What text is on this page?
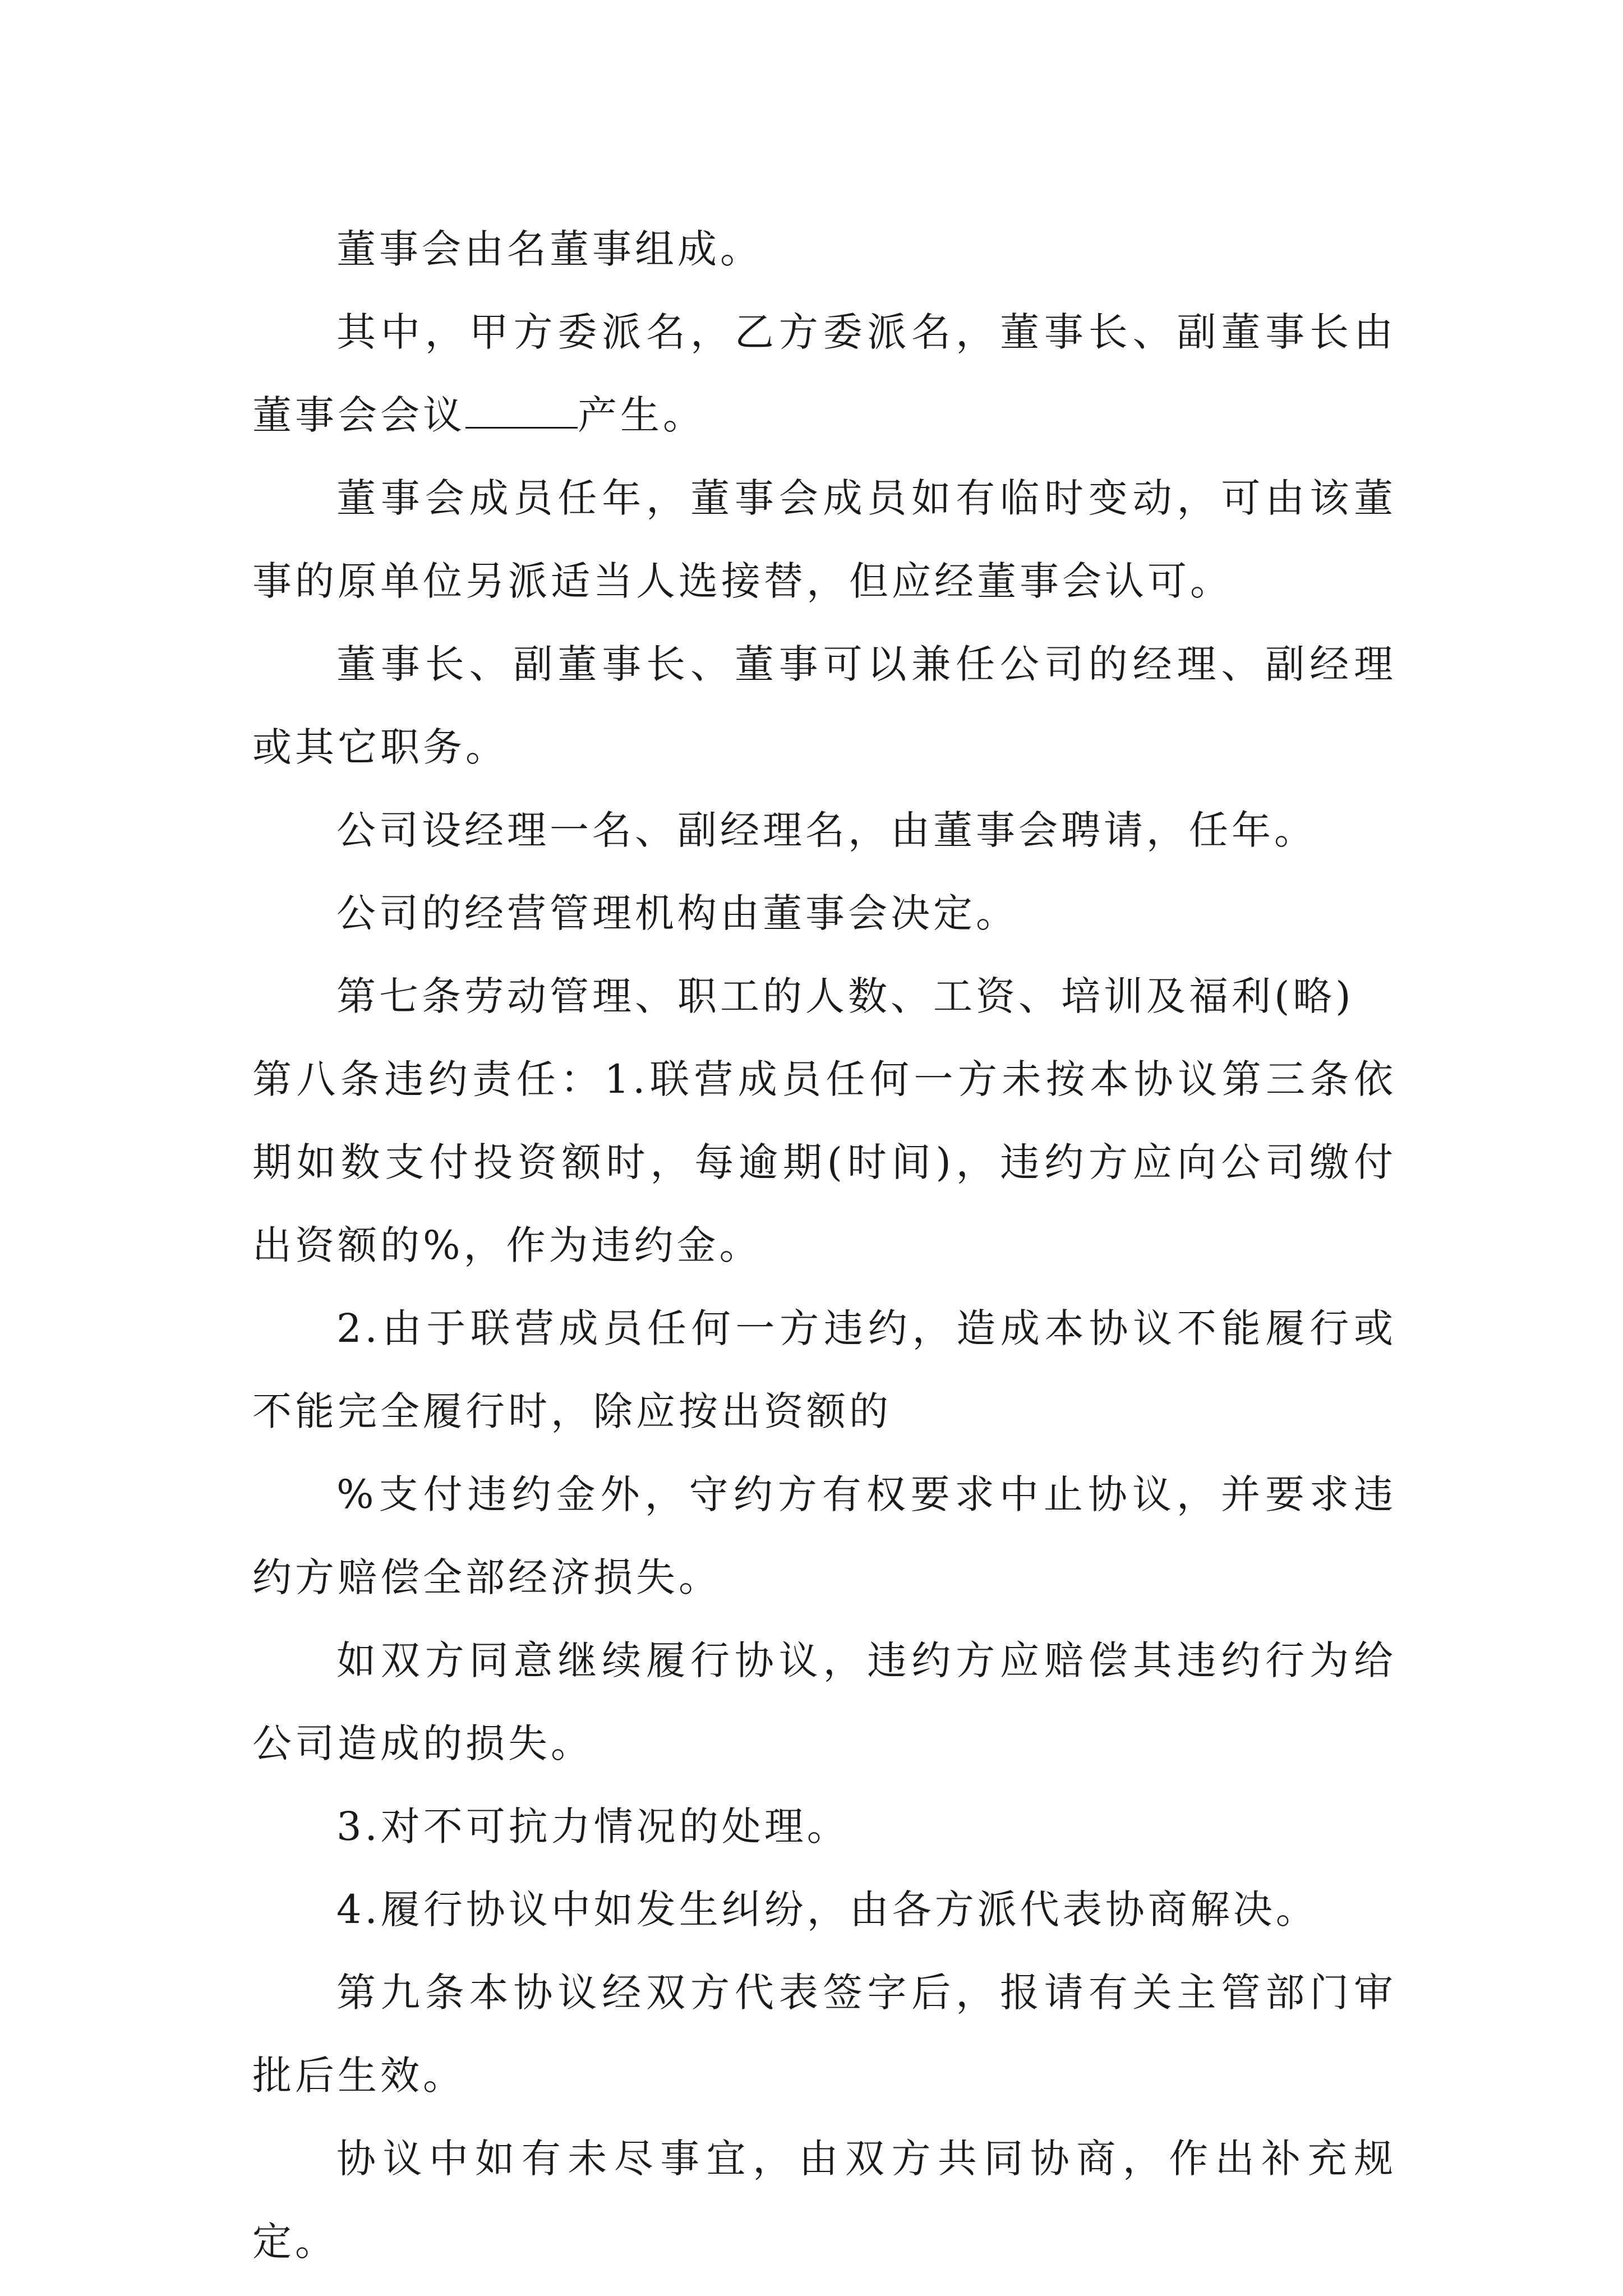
董事会由名董事组成。

其中，甲方委派名，乙方委派名，董事长、副董事长由董事会会议	产生。

董事会成员任年，董事会成员如有临时变动，可由该董事的原单位另派适当人选接替，但应经董事会认可。

董事长、副董事长、董事可以兼任公司的经理、副经理或其它职务。

公司设经理一名、副经理名，由董事会聘请，任年。

公司的经营管理机构由董事会决定。

第七条劳动管理、职工的人数、工资、培训及福利(略)

第八条违约责任：1.联营成员任何一方未按本协议第三条依期如数支付投资额时，每逾期(时间)，违约方应向公司缴付出资额的%，作为违约金。

2.由于联营成员任何一方违约，造成本协议不能履行或不能完全履行时，除应按出资额的

%支付违约金外，守约方有权要求中止协议，并要求违约方赔偿全部经济损失。

如双方同意继续履行协议，违约方应赔偿其违约行为给公司造成的损失。

3.对不可抗力情况的处理。

4.履行协议中如发生纠纷，由各方派代表协商解决。

第九条本协议经双方代表签字后，报请有关主管部门审批后生效。

协议中如有未尽事宜，由双方共同协商，作出补充规定。
